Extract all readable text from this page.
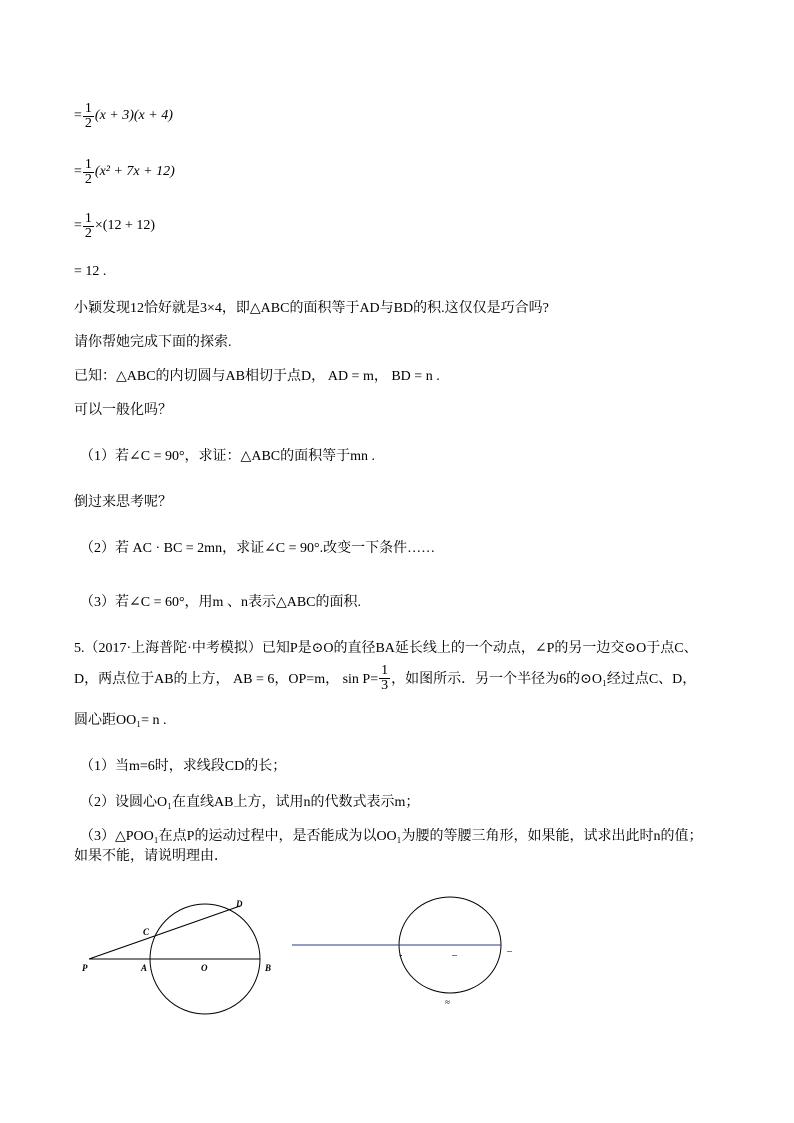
= $\frac{1}{2} (x + 3)(x + 4)$
= $\frac{1}{2} (x^2 + 7x + 12)$
= $\frac{1}{2} \times(12 + 12)$
= 12 .
小颖发现12恰好就是3×4，即△ABC的面积等于AD与BD的积.这仅仅是巧合吗?
请你帮她完成下面的探索.
已知：△ABC的内切圆与AB相切于点D， AD = m， BD = n .
可以一般化吗？
（1）若∠C = 90°，求证：△ABC的面积等于mn .
倒过来思考呢？
（2）若 AC · BC = 2mn，求证∠C = 90°.改变一下条件……
（3）若∠C = 60°，用m 、n表示△ABC的面积.
5.（2017·上海普陀·中考模拟）已知P是⊙O的直径BA延长线上的一个动点，∠P的另一边交⊙O于点C、
D，两点位于AB的上方， AB = 6，OP=m， $\sin P= \frac{1}{3}$ ，如图所示．另一个半径为6的⊙O₁经过点C、D，
圆心距OO₁= n .
（1）当m=6时，求线段CD的长；
（2）设圆心O₁在直线AB上方，试用n的代数式表示m；
（3）△POO₁在点P的运动过程中，是否能成为以OO₁为腰的等腰三角形，如果能，试求出此时n的值；
如果不能，请说明理由．
P	A	O	B
C
D
-	–	–
≈
